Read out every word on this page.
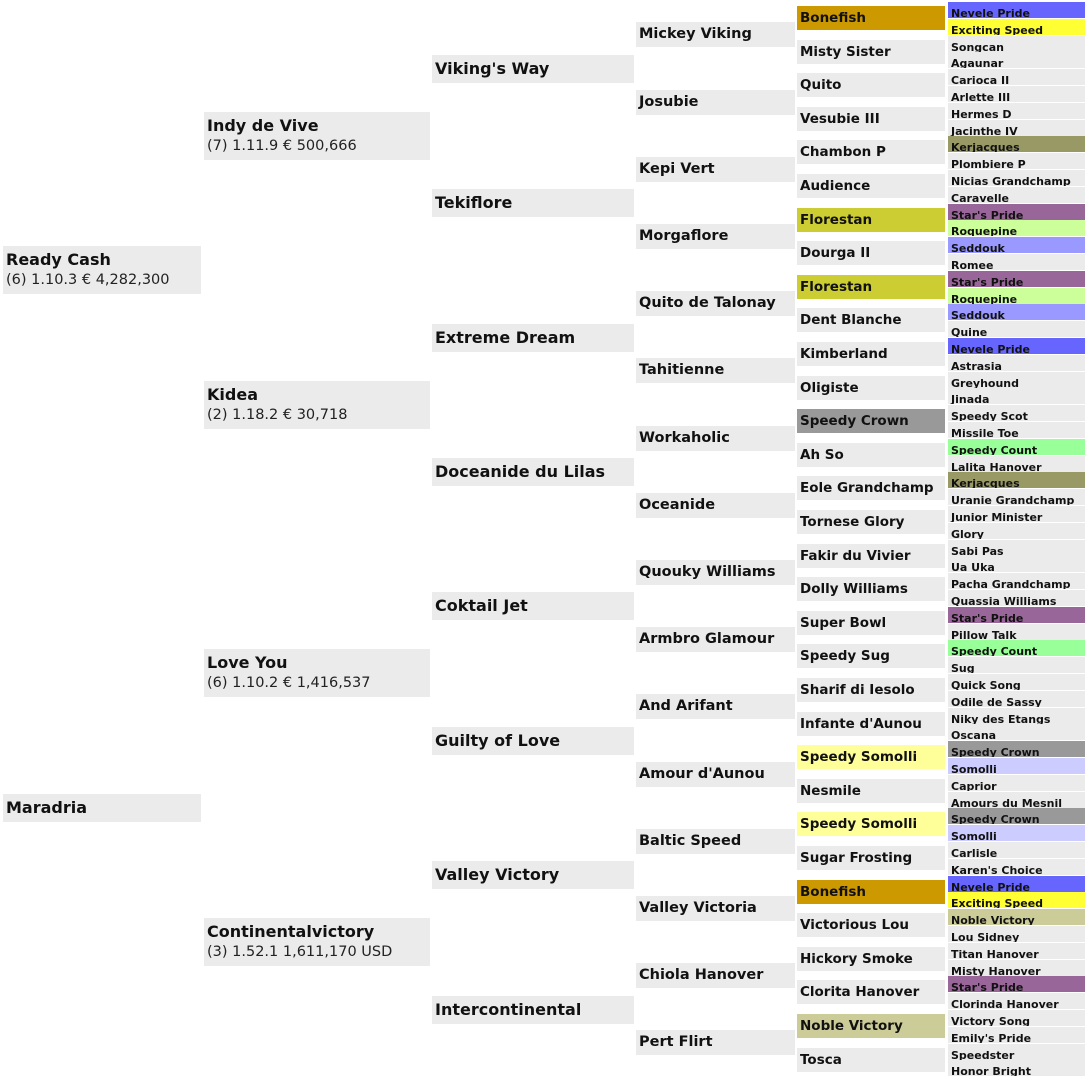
Ready Cash
(6) 1.10.3 € 4,282,300
Maradria
Indy de Vive
(7) 1.11.9 € 500,666
Kidea
(2) 1.18.2 € 30,718
Love You
(6) 1.10.2 € 1,416,537
Continentalvictory
(3) 1.52.1 1,611,170 USD
Viking's Way
Tekiflore
Extreme Dream
Doceanide du Lilas
Coktail Jet
Guilty of Love
Valley Victory
Intercontinental
Mickey Viking
Josubie
Kepi Vert
Morgaflore
Quito de Talonay
Tahitienne
Workaholic
Oceanide
Quouky Williams
Armbro Glamour
And Arifant
Amour d'Aunou
Baltic Speed
Valley Victoria
Chiola Hanover
Pert Flirt
Bonefish
Misty Sister
Quito
Vesubie III
Chambon P
Audience
Florestan
Dourga II
Florestan
Dent Blanche
Kimberland
Oligiste
Speedy Crown
Ah So
Eole Grandchamp
Tornese Glory
Fakir du Vivier
Dolly Williams
Super Bowl
Speedy Sug
Sharif di Iesolo
Infante d'Aunou
Speedy Somolli
Nesmile
Speedy Somolli
Sugar Frosting
Bonefish
Victorious Lou
Hickory Smoke
Clorita Hanover
Noble Victory
Tosca
Nevele Pride
Exciting Speed
Songcan
Agaunar
Carioca II
Arlette III
Hermes D
Jacinthe IV
Kerjacques
Plombiere P
Nicias Grandchamp
Caravelle
Star's Pride
Roquepine
Seddouk
Romee
Star's Pride
Roquepine
Seddouk
Quine
Nevele Pride
Astrasia
Greyhound
Jinada
Speedy Scot
Missile Toe
Speedy Count
Lalita Hanover
Kerjacques
Uranie Grandchamp
Junior Minister
Glory
Sabi Pas
Ua Uka
Pacha Grandchamp
Quassia Williams
Star's Pride
Pillow Talk
Speedy Count
Sug
Quick Song
Odile de Sassy
Niky des Etangs
Oscana
Speedy Crown
Somolli
Caprior
Amours du Mesnil
Speedy Crown
Somolli
Carlisle
Karen's Choice
Nevele Pride
Exciting Speed
Noble Victory
Lou Sidney
Titan Hanover
Misty Hanover
Star's Pride
Clorinda Hanover
Victory Song
Emily's Pride
Speedster
Honor Bright
